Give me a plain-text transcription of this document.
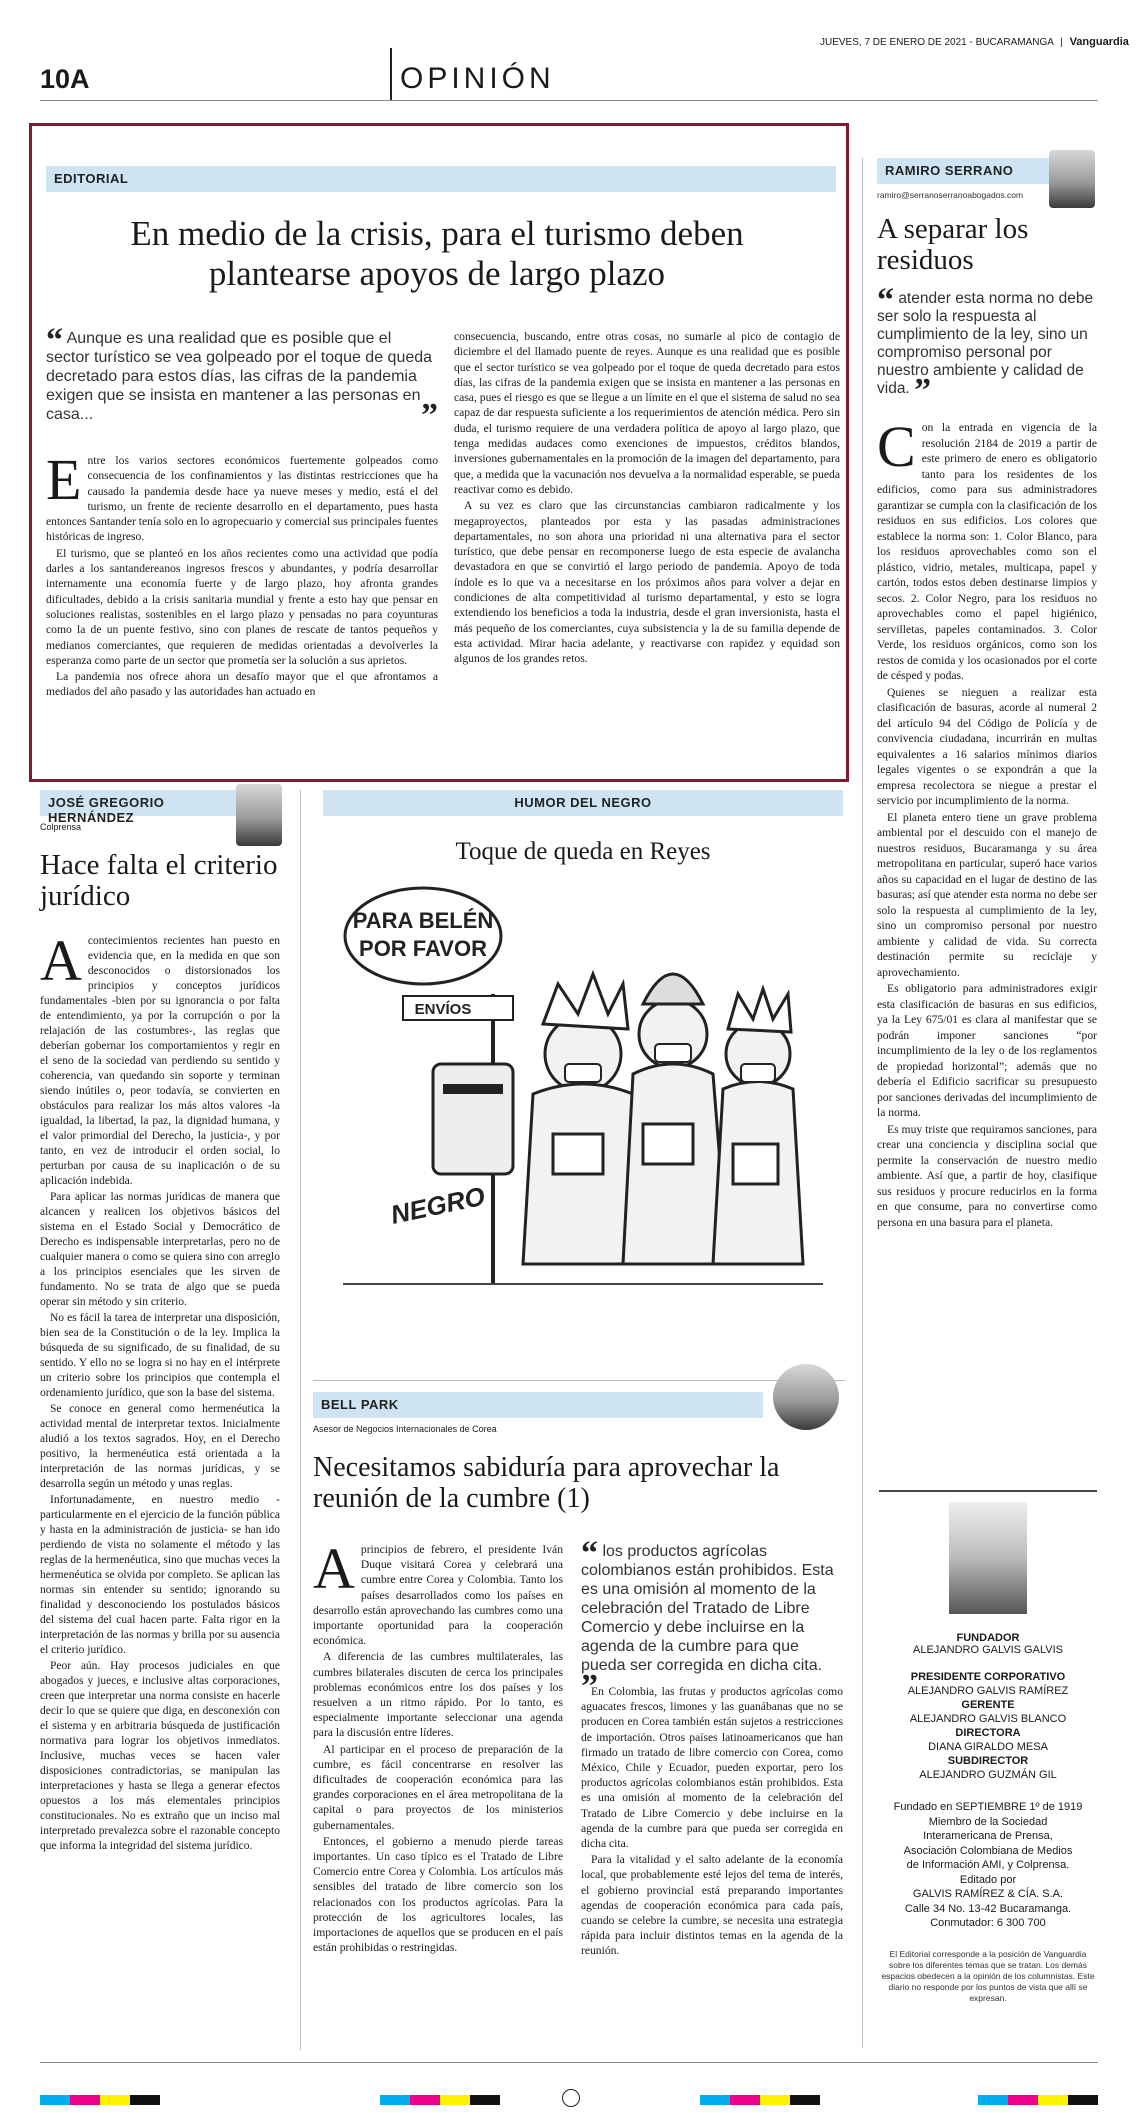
10A	OPINIÓN
JUEVES, 7 DE ENERO DE 2021 - BUCARAMANGA | Vanguardia
EDITORIAL
En medio de la crisis, para el turismo deben plantearse apoyos de largo plazo
“ Aunque es una realidad que es posible que el sector turístico se vea golpeado por el toque de queda decretado para estos días, las cifras de la pandemia exigen que se insista en mantener a las personas en casa...	”

Entre los varios sectores económicos fuertemente golpeados como consecuencia de los confinamientos y las distintas restricciones que ha causado la pandemia desde hace ya nueve meses y medio, está el del turismo, un frente de reciente desarrollo en el departamento, pues hasta entonces Santander tenía solo en lo agropecuario y comercial sus principales fuentes históricas de ingreso.

El turismo, que se planteó en los años recientes como una actividad que podía darles a los santandereanos ingresos frescos y abundantes, y podría desarrollar internamente una economía fuerte y de largo plazo, hoy afronta grandes dificultades, debido a la crisis sanitaria mundial y frente a esto hay que pensar en soluciones realistas, sostenibles en el largo plazo y pensadas no para coyunturas como la de un puente festivo, sino con planes de rescate de tantos pequeños y medianos comerciantes, que requieren de medidas orientadas a devolverles la esperanza como parte de un sector que prometía ser la solución a sus aprietos.

La pandemia nos ofrece ahora un desafío mayor que el que afrontamos a mediados del año pasado y las autoridades han actuado en

consecuencia, buscando, entre otras cosas, no sumarle al pico de contagio de diciembre el del llamado puente de reyes. Aunque es una realidad que es posible que el sector turístico se vea golpeado por el toque de queda decretado para estos días, las cifras de la pandemia exigen que se insista en mantener a las personas en casa, pues el riesgo es que se llegue a un límite en el que el sistema de salud no sea capaz de dar respuesta suficiente a los requerimientos de atención médica. Pero sin duda, el turismo requiere de una verdadera política de apoyo al largo plazo, que tenga medidas audaces como exenciones de impuestos, créditos blandos, inversiones gubernamentales en la promoción de la imagen del departamento, para que, a medida que la vacunación nos devuelva a la normalidad esperable, se pueda reactivar como es debido.

A su vez es claro que las circunstancias cambiaron radicalmente y los megaproyectos, planteados por esta y las pasadas administraciones departamentales, no son ahora una prioridad ni una alternativa para el sector turístico, que debe pensar en recomponerse luego de esta especie de avalancha devastadora en que se convirtió el largo periodo de pandemia. Apoyo de toda índole es lo que va a necesitarse en los próximos años para volver a dejar en condiciones de alta competitividad al turismo departamental, y esto se logra extendiendo los beneficios a toda la industria, desde el gran inversionista, hasta el más pequeño de los comerciantes, cuya subsistencia y la de su familia depende de esta actividad. Mirar hacia adelante, y reactivarse con rapidez y equidad son algunos de los grandes retos.

RAMIRO SERRANO
ramiro@serranoserranoabogados.com
A separar los residuos
“ atender esta norma no debe ser solo la respuesta al cumplimiento de la ley, sino un compromiso personal por nuestro ambiente y calidad de vida. ”

Con la entrada en vigencia de la resolución 2184 de 2019 a partir de este primero de enero es obligatorio tanto para los residentes de los edificios, como para sus administradores garantizar se cumpla con la clasificación de los residuos en sus edificios. Los colores que establece la norma son: 1. Color Blanco, para los residuos aprovechables como son el plástico, vidrio, metales, multicapa, papel y cartón, todos estos deben destinarse limpios y secos. 2. Color Negro, para los residuos no aprovechables como el papel higiénico, servilletas, papeles contaminados. 3. Color Verde, los residuos orgánicos, como son los restos de comida y los ocasionados por el corte de césped y podas.

Quienes se nieguen a realizar esta clasificación de basuras, acorde al numeral 2 del artículo 94 del Código de Policía y de convivencia ciudadana, incurrirán en multas equivalentes a 16 salarios mínimos diarios legales vigentes o se expondrán a que la empresa recolectora se niegue a prestar el servicio por incumplimiento de la norma.

El planeta entero tiene un grave problema ambiental por el descuido con el manejo de nuestros residuos, Bucaramanga y su área metropolitana en particular, superó hace varios años su capacidad en el lugar de destino de las basuras; así que atender esta norma no debe ser solo la respuesta al cumplimiento de la ley, sino un compromiso personal por nuestro ambiente y calidad de vida. Su correcta destinación permite su reciclaje y aprovechamiento.

Es obligatorio para administradores exigir esta clasificación de basuras en sus edificios, ya la Ley 675/01 es clara al manifestar que se podrán imponer sanciones “por incumplimiento de la ley o de los reglamentos de propiedad horizontal”; además que no debería el Edificio sacrificar su presupuesto por sanciones derivadas del incumplimiento de la norma.

Es muy triste que requiramos sanciones, para crear una conciencia y disciplina social que permite la conservación de nuestro medio ambiente. Así que, a partir de hoy, clasifique sus residuos y procure reducirlos en la forma en que consume, para no convertirse como persona en una basura para el planeta.

JOSÉ GREGORIO HERNÁNDEZ
Colprensa
Hace falta el criterio jurídico

Acontecimientos recientes han puesto en evidencia que, en la medida en que son desconocidos o distorsionados los principios y conceptos jurídicos fundamentales -bien por su ignorancia o por falta de entendimiento, ya por la corrupción o por la relajación de las costumbres-, las reglas que deberían gobernar los comportamientos y regir en el seno de la sociedad van perdiendo su sentido y coherencia, van quedando sin soporte y terminan siendo inútiles o, peor todavía, se convierten en obstáculos para realizar los más altos valores -la igualdad, la libertad, la paz, la dignidad humana, y el valor primordial del Derecho, la justicia-, y por tanto, en vez de introducir el orden social, lo perturban por causa de su inaplicación o de su aplicación indebida.

Para aplicar las normas jurídicas de manera que alcancen y realicen los objetivos básicos del sistema en el Estado Social y Democrático de Derecho es indispensable interpretarlas, pero no de cualquier manera o como se quiera sino con arreglo a los principios esenciales que les sirven de fundamento. No se trata de algo que se pueda operar sin método y sin criterio.

No es fácil la tarea de interpretar una disposición, bien sea de la Constitución o de la ley. Implica la búsqueda de su significado, de su finalidad, de su sentido. Y ello no se logra si no hay en el intérprete un criterio sobre los principios que contempla el ordenamiento jurídico, que son la base del sistema.

Se conoce en general como hermenéutica la actividad mental de interpretar textos. Inicialmente aludió a los textos sagrados. Hoy, en el Derecho positivo, la hermenéutica está orientada a la interpretación de las normas jurídicas, y se desarrolla según un método y unas reglas.

Infortunadamente, en nuestro medio -particularmente en el ejercicio de la función pública y hasta en la administración de justicia- se han ido perdiendo de vista no solamente el método y las reglas de la hermenéutica, sino que muchas veces la hermenéutica se olvida por completo. Se aplican las normas sin entender su sentido; ignorando su finalidad y desconociendo los postulados básicos del sistema del cual hacen parte. Falta rigor en la interpretación de las normas y brilla por su ausencia el criterio jurídico.

Peor aún. Hay procesos judiciales en que abogados y jueces, e inclusive altas corporaciones, creen que interpretar una norma consiste en hacerle decir lo que se quiere que diga, en desconexión con el sistema y en arbitraria búsqueda de justificación normativa para lograr los objetivos inmediatos. Inclusive, muchas veces se hacen valer disposiciones contradictorias, se manipulan las interpretaciones y hasta se llega a generar efectos opuestos a los más elementales principios constitucionales. No es extraño que un inciso mal interpretado prevalezca sobre el razonable concepto que informa la integridad del sistema jurídico.

HUMOR DEL NEGRO
Toque de queda en Reyes
PARA BELÉN
POR FAVOR
ENVÍOS
NEGRO
BELL PARK
Asesor de Negocios Internacionales de Corea
Necesitamos sabiduría para aprovechar la reunión de la cumbre (1)

Aprincipios de febrero, el presidente Iván Duque visitará Corea y celebrará una cumbre entre Corea y Colombia. Tanto los países desarrollados como los países en desarrollo están aprovechando las cumbres como una importante oportunidad para la cooperación económica.

A diferencia de las cumbres multilaterales, las cumbres bilaterales discuten de cerca los principales problemas económicos entre los dos países y los resuelven a un ritmo rápido. Por lo tanto, es especialmente importante seleccionar una agenda para la discusión entre líderes.

Al participar en el proceso de preparación de la cumbre, es fácil concentrarse en resolver las dificultades de cooperación económica para las grandes corporaciones en el área metropolitana de la capital o para proyectos de los ministerios gubernamentales.

Entonces, el gobierno a menudo pierde tareas importantes. Un caso típico es el Tratado de Libre Comercio entre Corea y Colombia. Los artículos más sensibles del tratado de libre comercio son los relacionados con los productos agrícolas. Para la protección de los agricultores locales, las importaciones de aquellos que se producen en el país están prohibidas o restringidas.

“ los productos agrícolas colombianos están prohibidos. Esta es una omisión al momento de la celebración del Tratado de Libre Comercio y debe incluirse en la agenda de la cumbre para que pueda ser corregida en dicha cita. ”

En Colombia, las frutas y productos agrícolas como aguacates frescos, limones y las guanábanas que no se producen en Corea también están sujetos a restricciones de importación. Otros países latinoamericanos que han firmado un tratado de libre comercio con Corea, como México, Chile y Ecuador, pueden exportar, pero los productos agrícolas colombianos están prohibidos. Esta es una omisión al momento de la celebración del Tratado de Libre Comercio y debe incluirse en la agenda de la cumbre para que pueda ser corregida en dicha cita.

Para la vitalidad y el salto adelante de la economía local, que probablemente esté lejos del tema de interés, el gobierno provincial está preparando importantes agendas de cooperación económica para cada país, cuando se celebre la cumbre, se necesita una estrategia rápida para incluir distintos temas en la agenda de la reunión.

FUNDADOR
ALEJANDRO GALVIS GALVIS
PRESIDENTE CORPORATIVO
ALEJANDRO GALVIS RAMÍREZ
GERENTE
ALEJANDRO GALVIS BLANCO
DIRECTORA
DIANA GIRALDO MESA
SUBDIRECTOR
ALEJANDRO GUZMÁN GIL
Fundado en SEPTIEMBRE 1º de 1919
Miembro de la Sociedad
Interamericana de Prensa,
Asociación Colombiana de Medios
de Información AMI, y Colprensa.
Editado por
GALVIS RAMÍREZ & CÍA. S.A.
Calle 34 No. 13-42 Bucaramanga.
Conmutador: 6 300 700
El Editorial corresponde a la posición de Vanguardia sobre los diferentes temas que se tratan. Los demás espacios obedecen a la opinión de los columnistas. Este diario no responde por los puntos de vista que allí se expresan.
